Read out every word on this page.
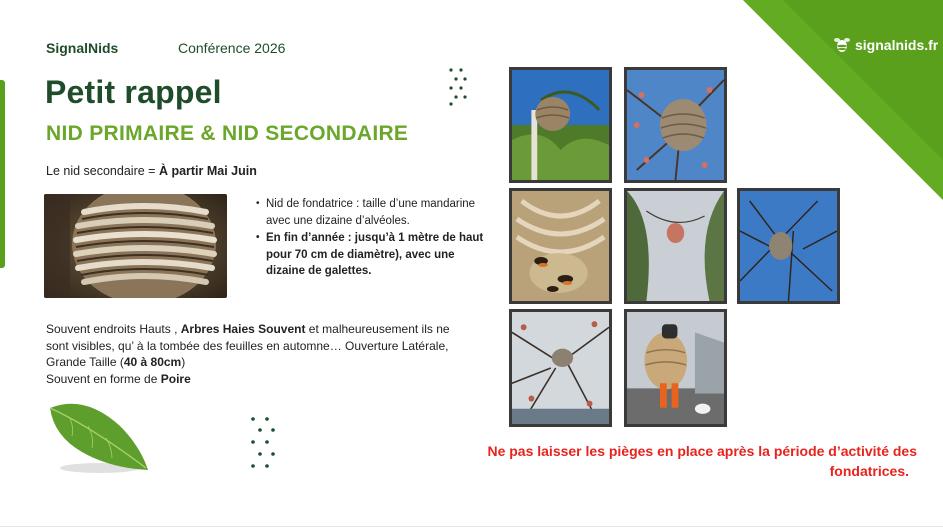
signalnids.fr
SignalNids	Conférence 2026
Petit rappel
NID PRIMAIRE & NID SECONDAIRE
Le nid secondaire = À partir Mai Juin
• Nid de fondatrice : taille d’une mandarine avec une dizaine d’alvéoles.
• En fin d’année : jusqu’à 1 mètre de haut pour 70 cm de diamètre), avec une dizaine de galettes.
Souvent endroits Hauts , Arbres Haies Souvent et malheureusement ils ne sont visibles, qu’ à la tombée des feuilles en automne… Ouverture Latérale, Grande Taille (40 à 80cm)
Souvent en forme de Poire
Ne pas laisser les pièges en place après la période d’activité des
fondatrices.
